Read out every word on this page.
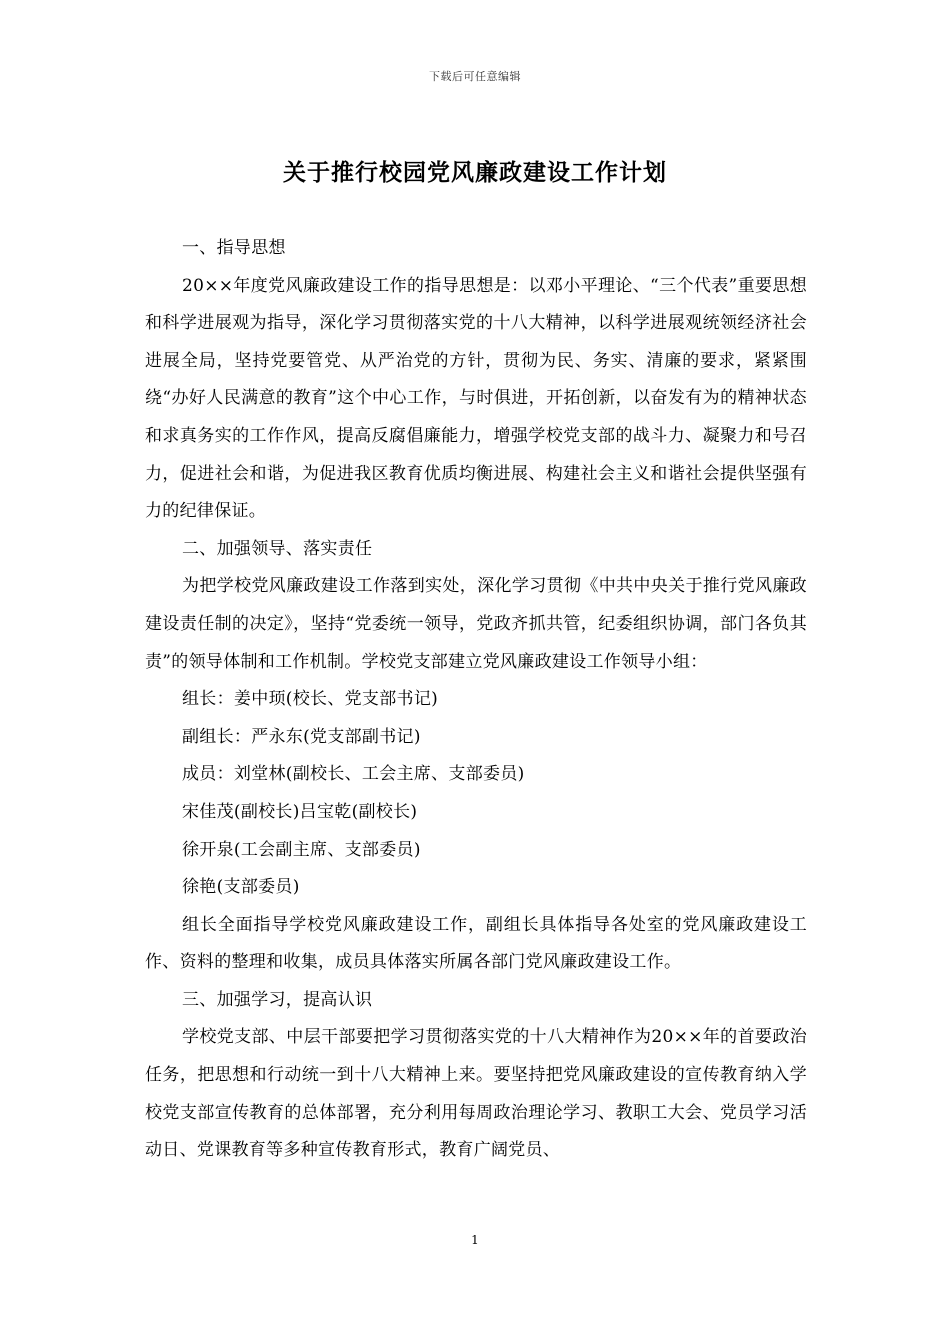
下载后可任意编辑
关于推行校园党风廉政建设工作计划

一、指导思想

20××年度党风廉政建设工作的指导思想是：以邓小平理论、“三个代表”重要思想和科学进展观为指导，深化学习贯彻落实党的十八大精神，以科学进展观统领经济社会进展全局，坚持党要管党、从严治党的方针，贯彻为民、务实、清廉的要求，紧紧围绕“办好人民满意的教育”这个中心工作，与时俱进，开拓创新，以奋发有为的精神状态和求真务实的工作作风，提高反腐倡廉能力，增强学校党支部的战斗力、凝聚力和号召力，促进社会和谐，为促进我区教育优质均衡进展、构建社会主义和谐社会提供坚强有力的纪律保证。

二、加强领导、落实责任

为把学校党风廉政建设工作落到实处，深化学习贯彻《中共中央关于推行党风廉政建设责任制的决定》，坚持“党委统一领导，党政齐抓共管，纪委组织协调，部门各负其责”的领导体制和工作机制。学校党支部建立党风廉政建设工作领导小组：

组长：姜中顼(校长、党支部书记)

副组长：严永东(党支部副书记)

成员：刘堂林(副校长、工会主席、支部委员)

宋佳茂(副校长)吕宝乾(副校长)

徐开泉(工会副主席、支部委员)

徐艳(支部委员)

组长全面指导学校党风廉政建设工作，副组长具体指导各处室的党风廉政建设工作、资料的整理和收集，成员具体落实所属各部门党风廉政建设工作。

三、加强学习，提高认识

学校党支部、中层干部要把学习贯彻落实党的十八大精神作为20××年的首要政治任务，把思想和行动统一到十八大精神上来。要坚持把党风廉政建设的宣传教育纳入学校党支部宣传教育的总体部署，充分利用每周政治理论学习、教职工大会、党员学习活动日、党课教育等多种宣传教育形式，教育广阔党员、

1
